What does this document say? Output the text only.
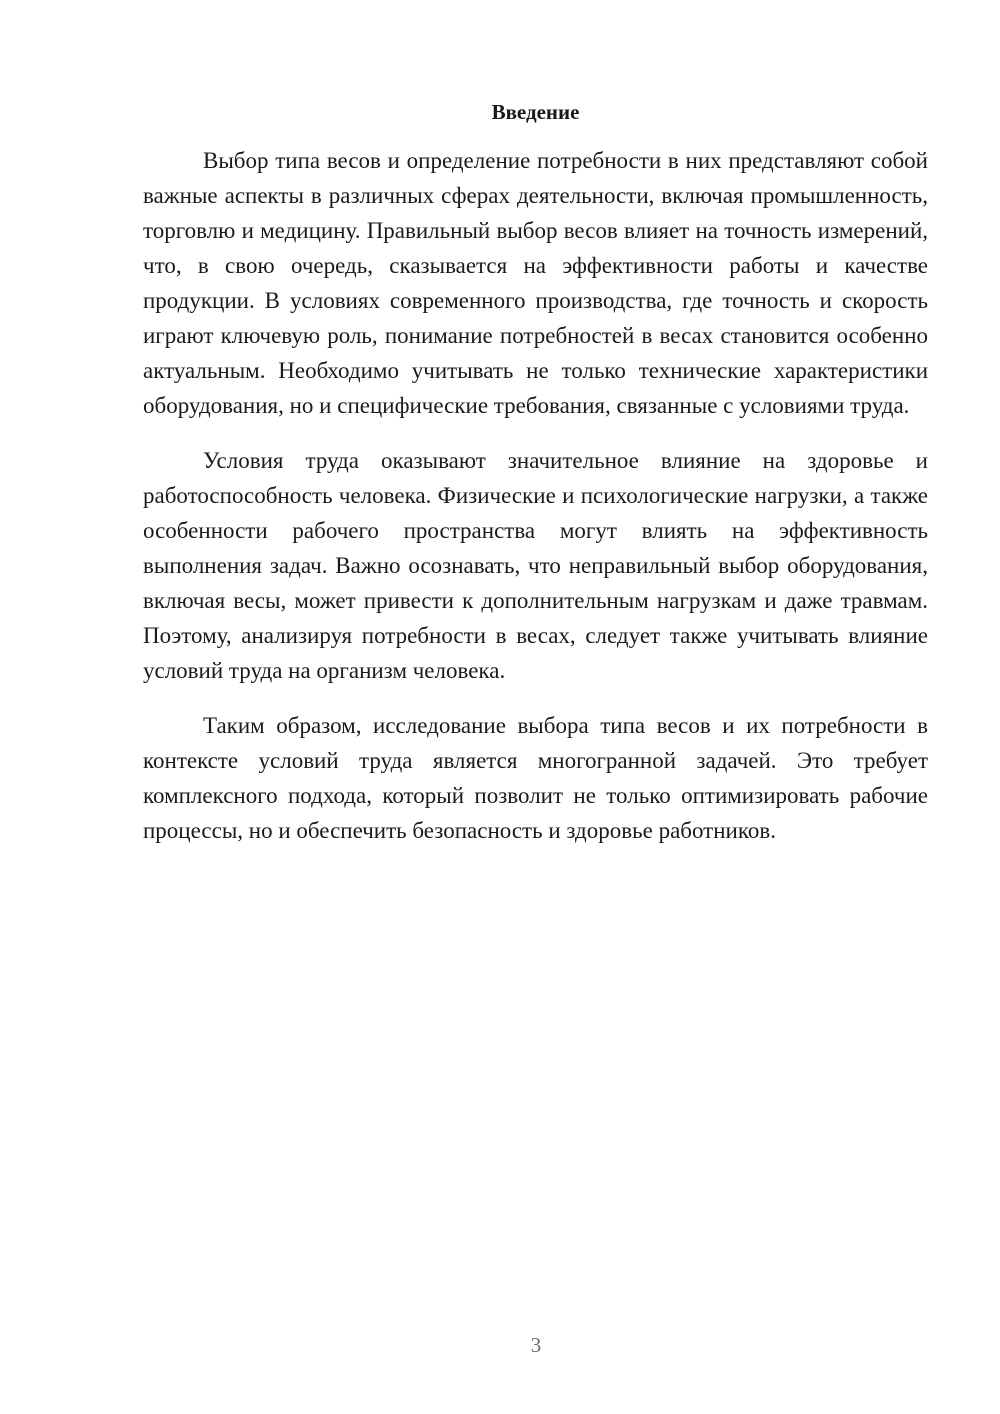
Введение

Выбор типа весов и определение потребности в них представляют собой важные аспекты в различных сферах деятельности, включая промышленность, торговлю и медицину. Правильный выбор весов влияет на точность измерений, что, в свою очередь, сказывается на эффективности работы и качестве продукции. В условиях современного производства, где точность и скорость играют ключевую роль, понимание потребностей в весах становится особенно актуальным. Необходимо учитывать не только технические характеристики оборудования, но и специфические требования, связанные с условиями труда.

Условия труда оказывают значительное влияние на здоровье и работоспособность человека. Физические и психологические нагрузки, а также особенности рабочего пространства могут влиять на эффективность выполнения задач. Важно осознавать, что неправильный выбор оборудования, включая весы, может привести к дополнительным нагрузкам и даже травмам. Поэтому, анализируя потребности в весах, следует также учитывать влияние условий труда на организм человека.

Таким образом, исследование выбора типа весов и их потребности в контексте условий труда является многогранной задачей. Это требует комплексного подхода, который позволит не только оптимизировать рабочие процессы, но и обеспечить безопасность и здоровье работников.

3
